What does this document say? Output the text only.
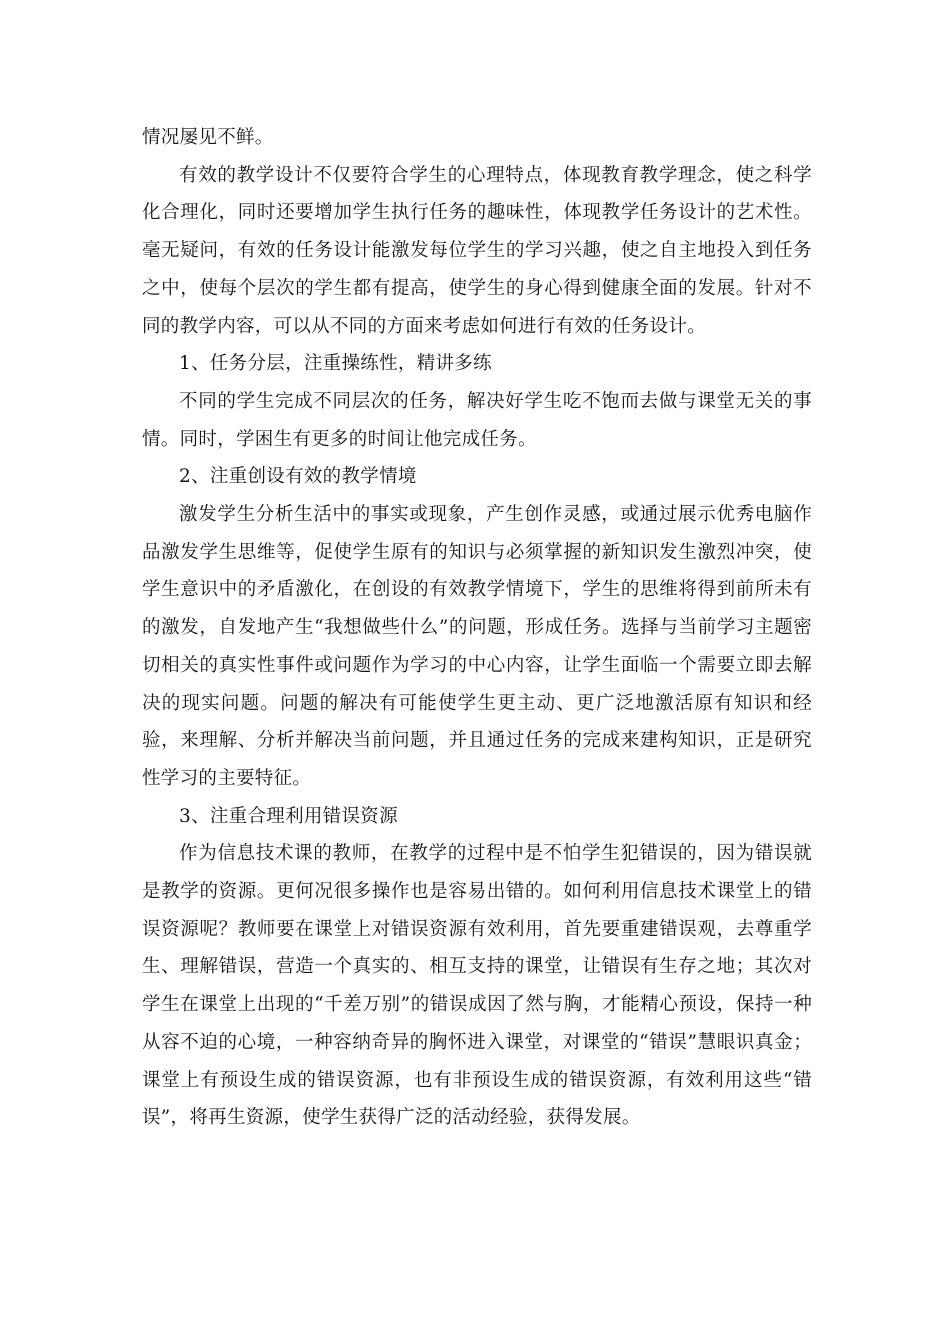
情况屡见不鲜。

有效的教学设计不仅要符合学生的心理特点，体现教育教学理念，使之科学化合理化，同时还要增加学生执行任务的趣味性，体现教学任务设计的艺术性。毫无疑问，有效的任务设计能激发每位学生的学习兴趣，使之自主地投入到任务之中，使每个层次的学生都有提高，使学生的身心得到健康全面的发展。针对不同的教学内容，可以从不同的方面来考虑如何进行有效的任务设计。

1、任务分层，注重操练性，精讲多练

不同的学生完成不同层次的任务，解决好学生吃不饱而去做与课堂无关的事情。同时，学困生有更多的时间让他完成任务。

2、注重创设有效的教学情境

激发学生分析生活中的事实或现象，产生创作灵感，或通过展示优秀电脑作品激发学生思维等，促使学生原有的知识与必须掌握的新知识发生激烈冲突，使学生意识中的矛盾激化，在创设的有效教学情境下，学生的思维将得到前所未有的激发，自发地产生“我想做些什么”的问题，形成任务。选择与当前学习主题密切相关的真实性事件或问题作为学习的中心内容，让学生面临一个需要立即去解决的现实问题。问题的解决有可能使学生更主动、更广泛地激活原有知识和经验，来理解、分析并解决当前问题，并且通过任务的完成来建构知识，正是研究性学习的主要特征。

3、注重合理利用错误资源

作为信息技术课的教师，在教学的过程中是不怕学生犯错误的，因为错误就是教学的资源。更何况很多操作也是容易出错的。如何利用信息技术课堂上的错误资源呢？教师要在课堂上对错误资源有效利用，首先要重建错误观，去尊重学生、理解错误，营造一个真实的、相互支持的课堂，让错误有生存之地；其次对学生在课堂上出现的“千差万别”的错误成因了然与胸，才能精心预设，保持一种从容不迫的心境，一种容纳奇异的胸怀进入课堂，对课堂的“错误”慧眼识真金；课堂上有预设生成的错误资源，也有非预设生成的错误资源，有效利用这些“错误”，将再生资源，使学生获得广泛的活动经验，获得发展。
